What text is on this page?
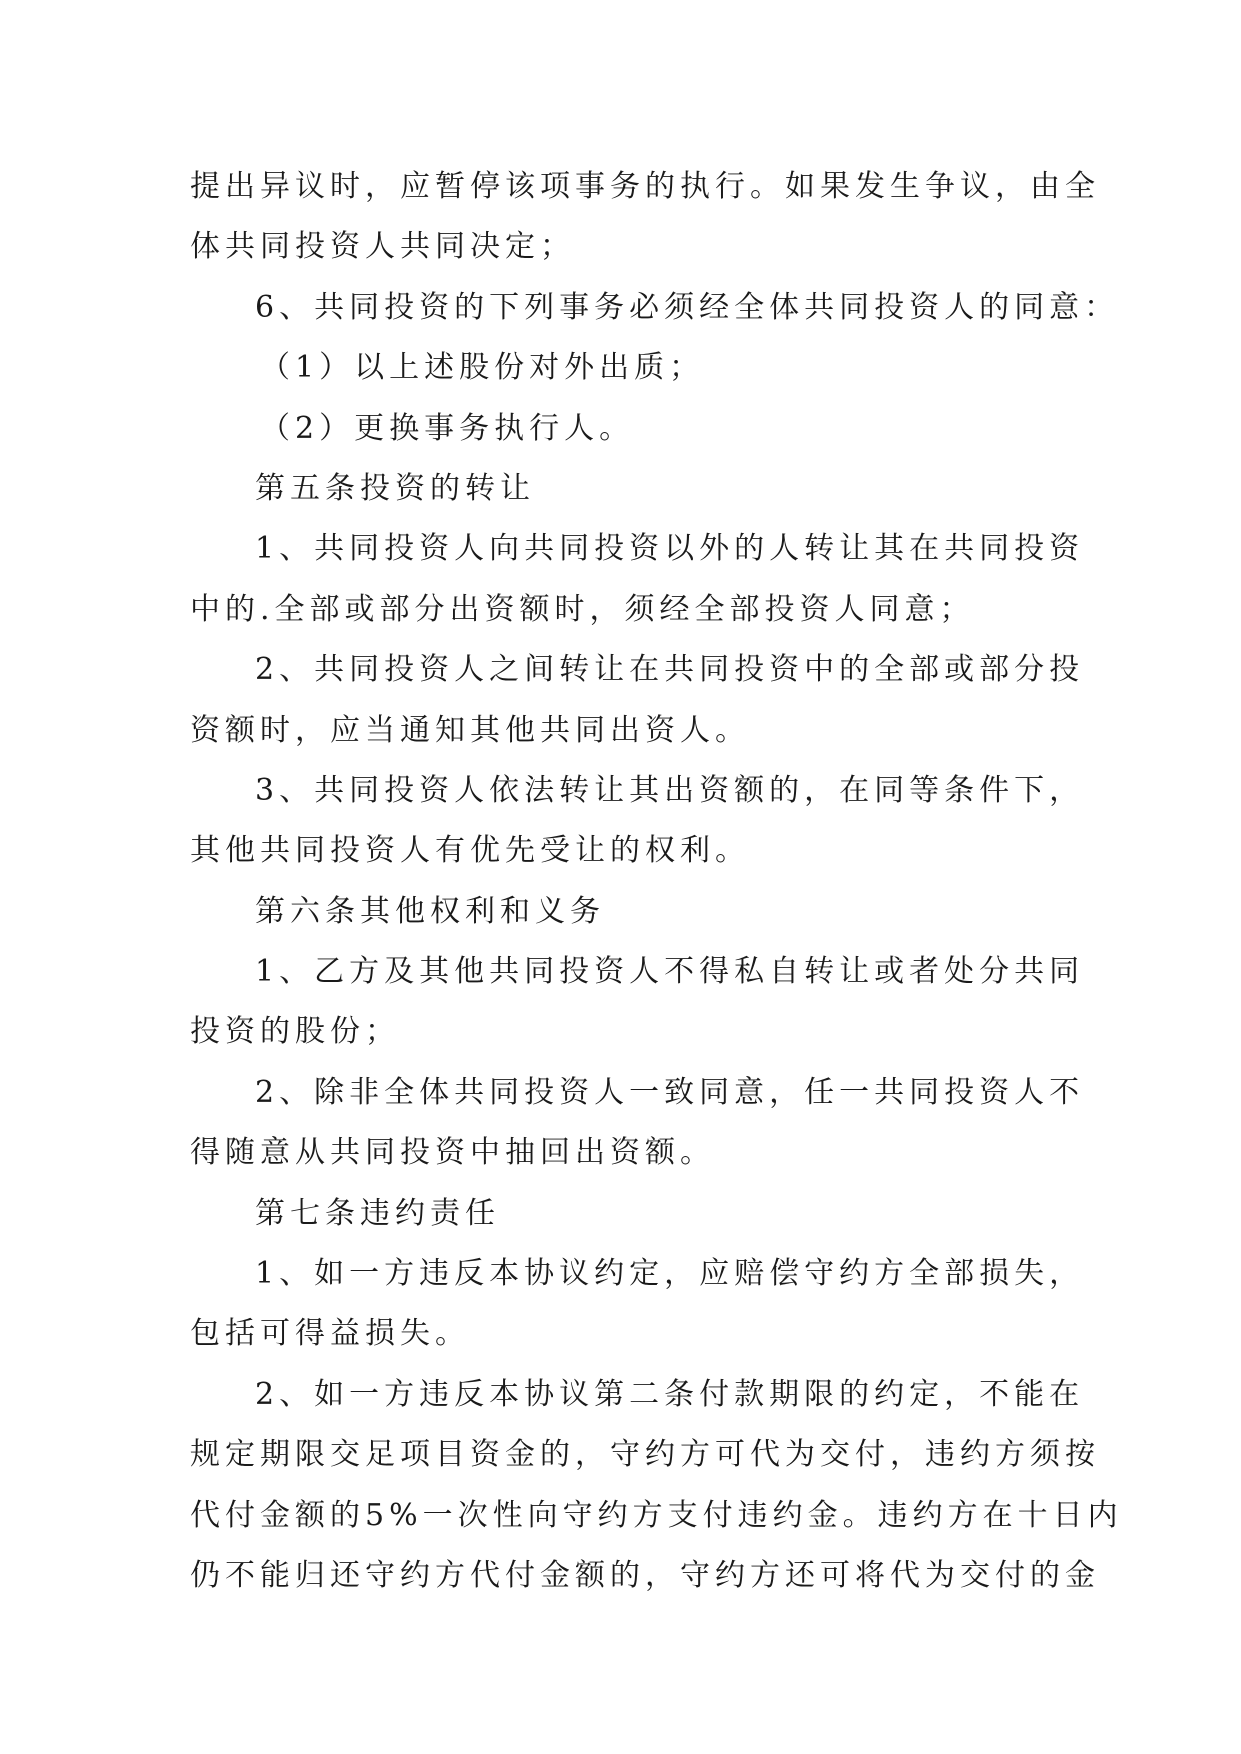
提出异议时，应暂停该项事务的执行。如果发生争议，由全
体共同投资人共同决定；
6、共同投资的下列事务必须经全体共同投资人的同意：
（1）以上述股份对外出质；
（2）更换事务执行人。
第五条投资的转让
1、共同投资人向共同投资以外的人转让其在共同投资
中的.全部或部分出资额时，须经全部投资人同意；
2、共同投资人之间转让在共同投资中的全部或部分投
资额时，应当通知其他共同出资人。
3、共同投资人依法转让其出资额的，在同等条件下，
其他共同投资人有优先受让的权利。
第六条其他权利和义务
1、乙方及其他共同投资人不得私自转让或者处分共同
投资的股份；
2、除非全体共同投资人一致同意，任一共同投资人不
得随意从共同投资中抽回出资额。
第七条违约责任
1、如一方违反本协议约定，应赔偿守约方全部损失，
包括可得益损失。
2、如一方违反本协议第二条付款期限的约定，不能在
规定期限交足项目资金的，守约方可代为交付，违约方须按
代付金额的5%一次性向守约方支付违约金。违约方在十日内
仍不能归还守约方代付金额的，守约方还可将代为交付的金
